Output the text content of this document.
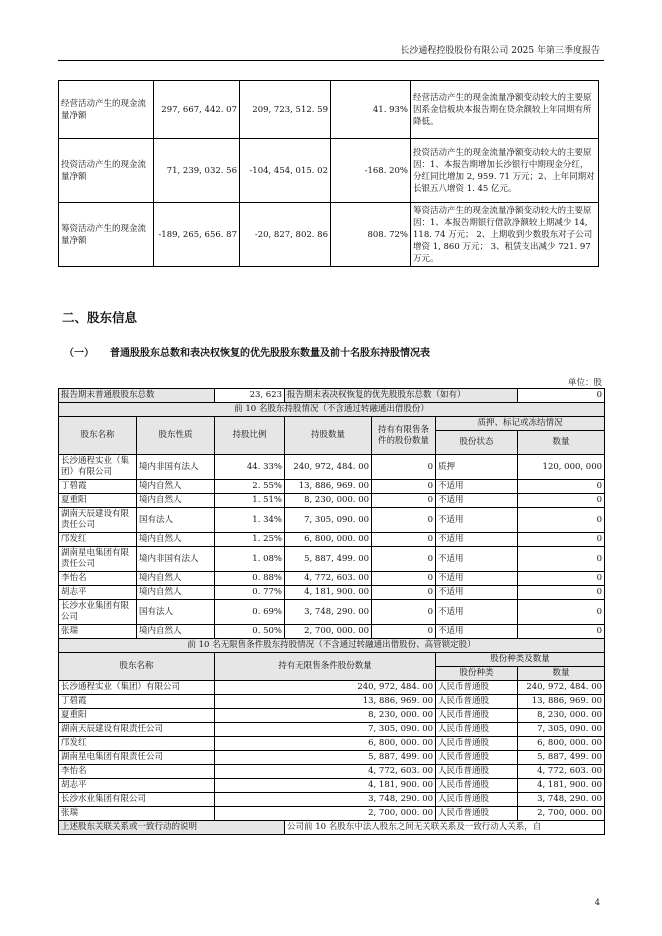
长沙通程控股股份有限公司 2025 年第三季度报告
经营活动产生的现金流量净额	297, 667, 442. 07	209, 723, 512. 59	41. 93%	经营活动产生的现金流量净额变动较大的主要原因系金信板块本报告期在贷余额较上年同期有所降低。
投资活动产生的现金流量净额	71, 239, 032. 56	-104, 454, 015. 02	-168. 20%	投资活动产生的现金流量净额变动较大的主要原因：1、本报告期增加长沙银行中期现金分红，分红同比增加 2, 959. 71 万元；2、上年同期对长银五八增资 1. 45 亿元。
筹资活动产生的现金流量净额	-189, 265, 656. 87	-20, 827, 802. 86	808. 72%	筹资活动产生的现金流量净额变动较大的主要原因：1、本报告期银行借款净额较上期减少 14, 118. 74 万元； 2、上期收到少数股东对子公司增资 1, 860 万元； 3、租赁支出减少 721. 97 万元。
二、股东信息
（一） 普通股股东总数和表决权恢复的优先股股东数量及前十名股东持股情况表
单位：股
报告期末普通股股东总数		23, 623	报告期末表决权恢复的优先股股东总数（如有）			0
前 10 名股东持股情况（不含通过转融通出借股份）						
股东名称	股东性质	持股比例	持股数量	持有有限售条件的股份数量	质押、标记或冻结情况	
					股份状态	数量
长沙通程实业（集团）有限公司	境内非国有法人	44. 33%	240, 972, 484. 00	0	质押	120, 000, 000
丁碧霞	境内自然人	2. 55%	13, 886, 969. 00	0	不适用	0
夏重阳	境内自然人	1. 51%	8, 230, 000. 00	0	不适用	0
湖南天辰建设有限责任公司	国有法人	1. 34%	7, 305, 090. 00	0	不适用	0
邝发红	境内自然人	1. 25%	6, 800, 000. 00	0	不适用	0
湖南星电集团有限责任公司	境内非国有法人	1. 08%	5, 887, 499. 00	0	不适用	0
李怡名	境内自然人	0. 88%	4, 772, 603. 00	0	不适用	0
胡志平	境内自然人	0. 77%	4, 181, 900. 00	0	不适用	0
长沙水业集团有限公司	国有法人	0. 69%	3, 748, 290. 00	0	不适用	0
张瑞	境内自然人	0. 50%	2, 700, 000. 00	0	不适用	0
前 10 名无限售条件股东持股情况（不含通过转融通出借股份、高管锁定股）						
股东名称		持有无限售条件股份数量			股份种类及数量	
					股份种类	数量
长沙通程实业（集团）有限公司		240, 972, 484. 00			人民币普通股	240, 972, 484. 00
丁碧霞		13, 886, 969. 00			人民币普通股	13, 886, 969. 00
夏重阳		8, 230, 000. 00			人民币普通股	8, 230, 000. 00
湖南天辰建设有限责任公司		7, 305, 090. 00			人民币普通股	7, 305, 090. 00
邝发红		6, 800, 000. 00			人民币普通股	6, 800, 000. 00
湖南星电集团有限责任公司		5, 887, 499. 00			人民币普通股	5, 887, 499. 00
李怡名		4, 772, 603. 00			人民币普通股	4, 772, 603. 00
胡志平		4, 181, 900. 00			人民币普通股	4, 181, 900. 00
长沙水业集团有限公司		3, 748, 290. 00			人民币普通股	3, 748, 290. 00
张瑞		2, 700, 000. 00			人民币普通股	2, 700, 000. 00
上述股东关联关系或一致行动的说明			公司前 10 名股东中法人股东之间无关联关系及一致行动人关系，自			
4
